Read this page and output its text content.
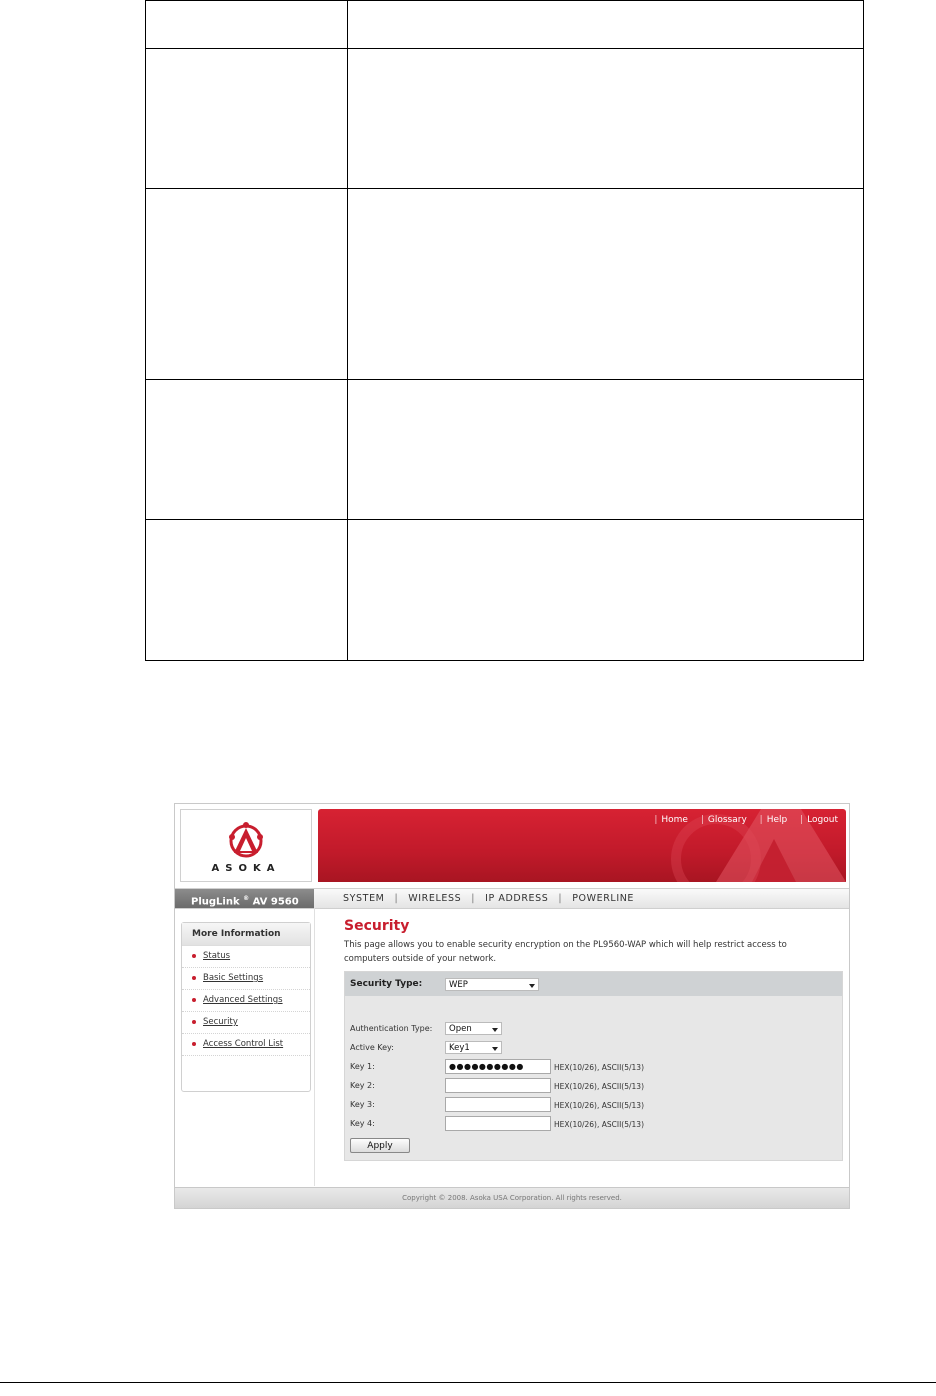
ASOKA
| Home | Glossary | Help | Logout
PlugLink ® AV 9560	SYSTEM | WIRELESS | IP ADDRESS | POWERLINE
More Information
Status
Basic Settings
Advanced Settings
Security
Access Control List
Security
This page allows you to enable security encryption on the PL9560-WAP which will help restrict access to computers outside of your network.
Security Type:	WEP
Authentication Type:	Open
Active Key:	Key1
Key 1:	●●●●●●●●●●	HEX(10/26), ASCII(5/13)
Key 2:	HEX(10/26), ASCII(5/13)
Key 3:	HEX(10/26), ASCII(5/13)
Key 4:	HEX(10/26), ASCII(5/13)
Apply
Copyright © 2008. Asoka USA Corporation. All rights reserved.
